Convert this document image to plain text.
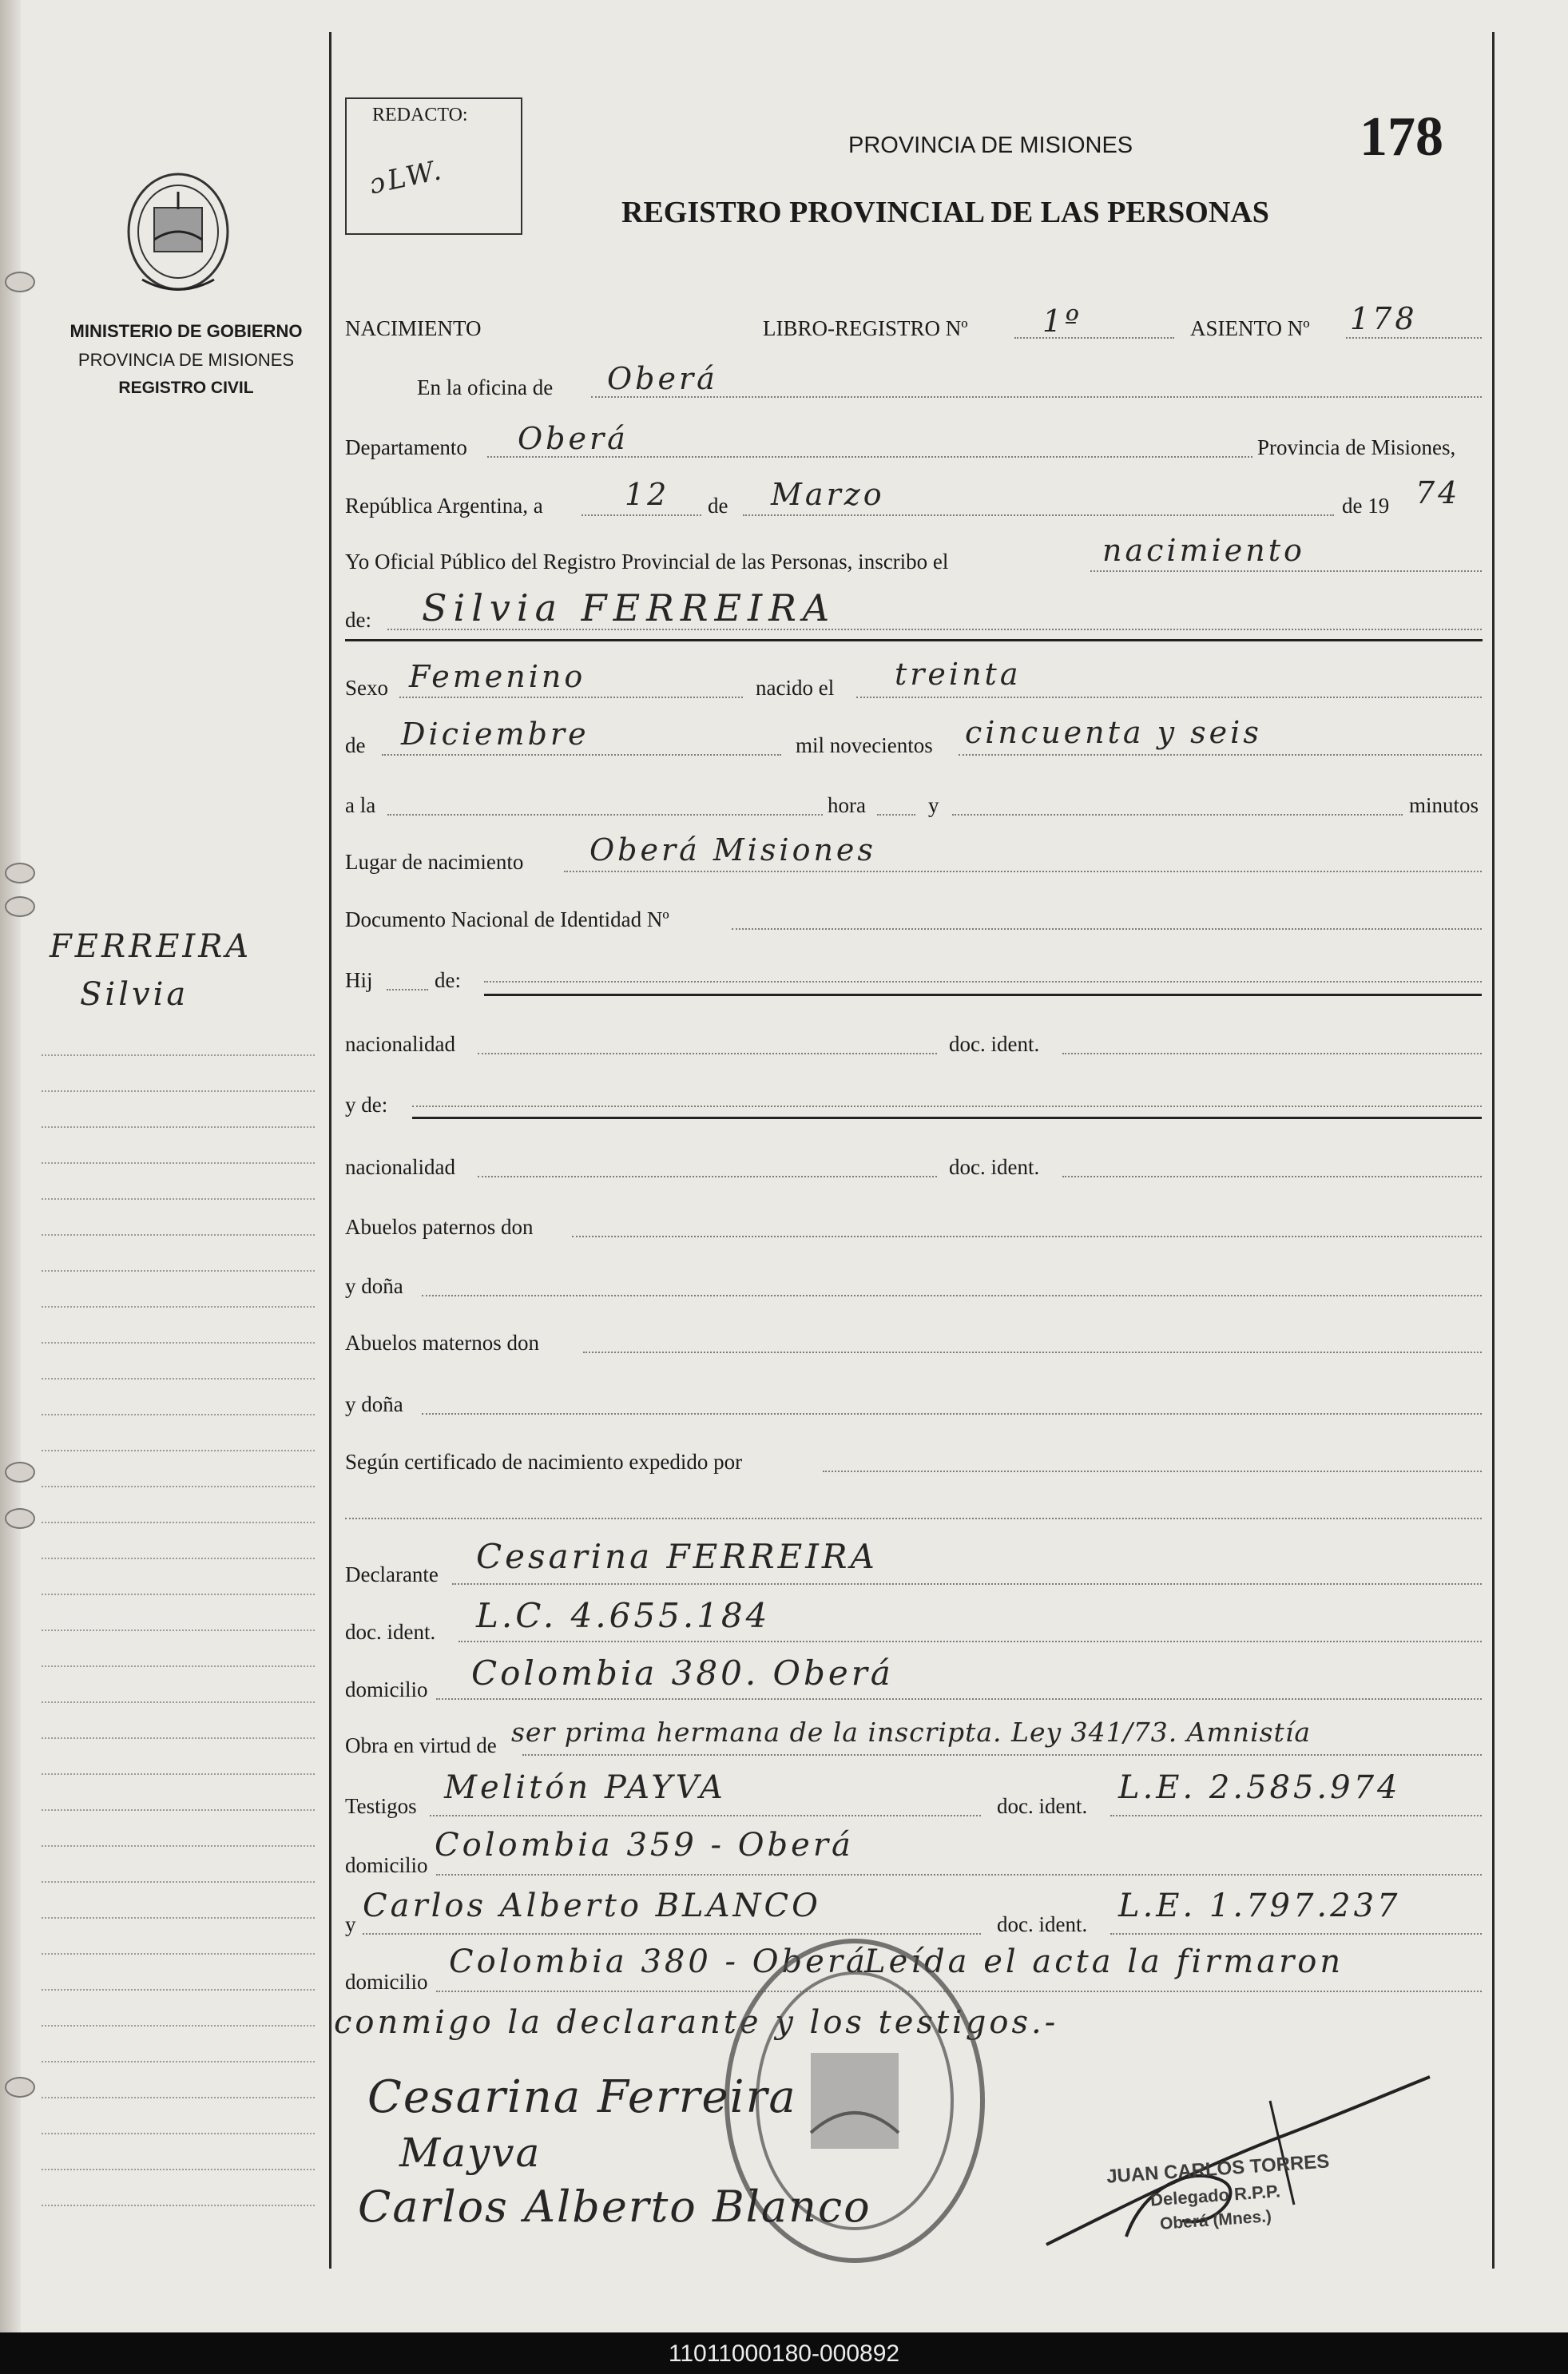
MINISTERIO DE GOBIERNO
PROVINCIA DE MISIONES
REGISTRO CIVIL
FERREIRA
Silvia
REDACTO:
ɔLW.
PROVINCIA DE MISIONES
REGISTRO PROVINCIAL DE LAS PERSONAS
178
NACIMIENTO	LIBRO-REGISTRO Nº 1º	ASIENTO Nº 178
En la oficina de Oberá
Departamento Oberá	Provincia de Misiones,
República Argentina, a	12 de Marzo	de 19 74
Yo Oficial Público del Registro Provincial de las Personas, inscribo el	nacimiento
de: Silvia FERREIRA
Sexo Femenino	nacido el treinta
de Diciembre	mil novecientos cincuenta y seis
a la	hora	y	minutos
Lugar de nacimiento Oberá Misiones
Documento Nacional de Identidad Nº
Hij	de:
nacionalidad	doc. ident.
y de:
nacionalidad	doc. ident.
Abuelos paternos don
y doña
Abuelos maternos don
y doña
Según certificado de nacimiento expedido por
Declarante Cesarina FERREIRA
doc. ident. L.C. 4.655.184
domicilio Colombia 380. Oberá
Obra en virtud de ser prima hermana de la inscripta. Ley 341/73. Amnistía
Testigos Melitón PAYVA	doc. ident. L.E. 2.585.974
domicilio
Colombia 359 - Oberá
y Carlos Alberto BLANCO	doc. ident. L.E. 1.797.237
domicilio
Colombia 380 - Oberá
Leída el acta la firmaron
conmigo la declarante y los testigos.-
Cesarina Ferreira
Mayva
Carlos Alberto Blanco
JUAN CARLOS TORRES
Delegado R.P.P.
Oberá (Mnes.)
11011000180-000892
